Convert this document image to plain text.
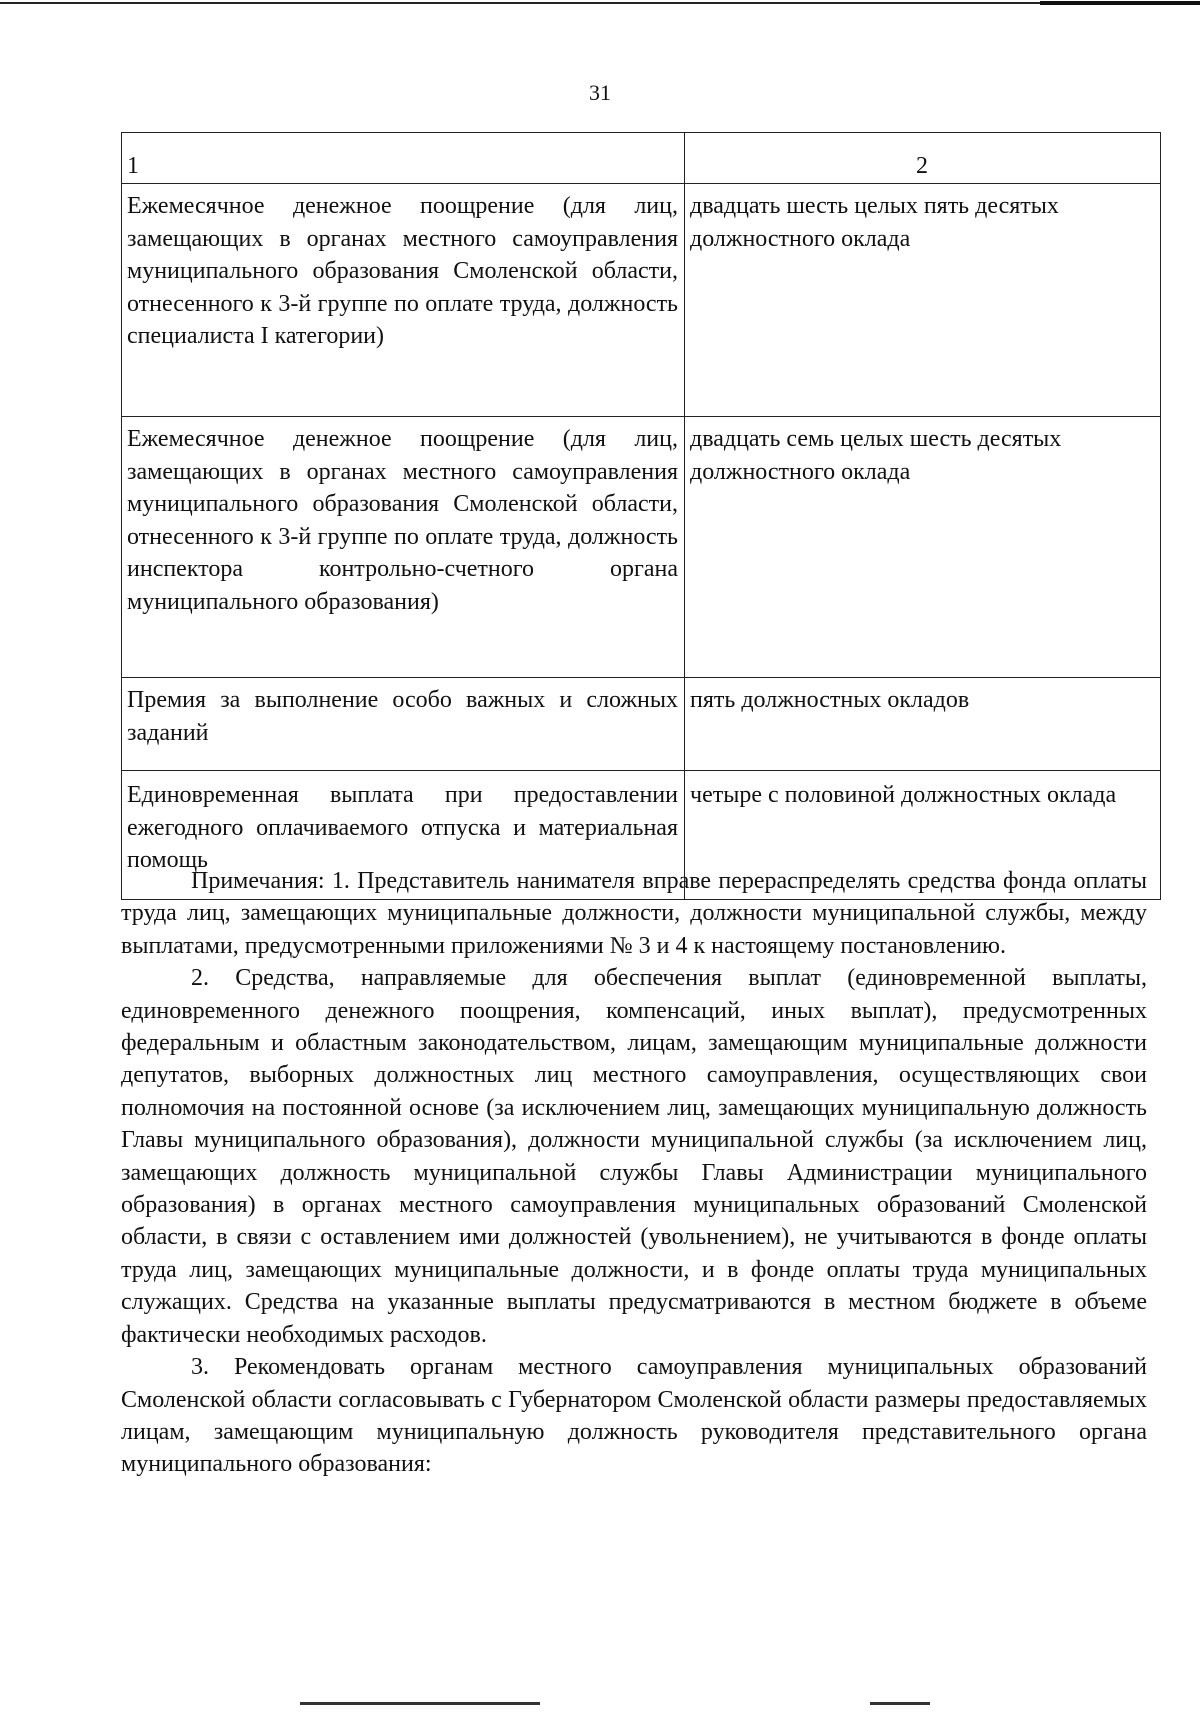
31
1	2
Ежемесячное денежное поощрение (для лиц, замещающих в органах местного самоуправления муниципального образования Смоленской области, отнесенного к 3-й группе по оплате труда, должность специалиста I категории)	двадцать шесть целых пять десятых должностного оклада
Ежемесячное денежное поощрение (для лиц, замещающих в органах местного самоуправления муниципального образования Смоленской области, отнесенного к 3-й группе по оплате труда, должность инспектора контрольно-счетного органа муниципального образования)	двадцать семь целых шесть десятых должностного оклада
Премия за выполнение особо важных и сложных заданий	пять должностных окладов
Единовременная выплата при предоставлении ежегодного оплачиваемого отпуска и материальная помощь	четыре с половиной должностных оклада

Примечания: 1. Представитель нанимателя вправе перераспределять средства фонда оплаты труда лиц, замещающих муниципальные должности, должности муниципальной службы, между выплатами, предусмотренными приложениями № 3 и 4 к настоящему постановлению.

2. Средства, направляемые для обеспечения выплат (единовременной выплаты, единовременного денежного поощрения, компенсаций, иных выплат), предусмотренных федеральным и областным законодательством, лицам, замещающим муниципальные должности депутатов, выборных должностных лиц местного самоуправления, осуществляющих свои полномочия на постоянной основе (за исключением лиц, замещающих муниципальную должность Главы муниципального образования), должности муниципальной службы (за исключением лиц, замещающих должность муниципальной службы Главы Администрации муниципального образования) в органах местного самоуправления муниципальных образований Смоленской области, в связи с оставлением ими должностей (увольнением), не учитываются в фонде оплаты труда лиц, замещающих муниципальные должности, и в фонде оплаты труда муниципальных служащих. Средства на указанные выплаты предусматриваются в местном бюджете в объеме фактически необходимых расходов.

3. Рекомендовать органам местного самоуправления муниципальных образований Смоленской области согласовывать с Губернатором Смоленской области размеры предоставляемых лицам, замещающим муниципальную должность руководителя представительного органа муниципального образования:
